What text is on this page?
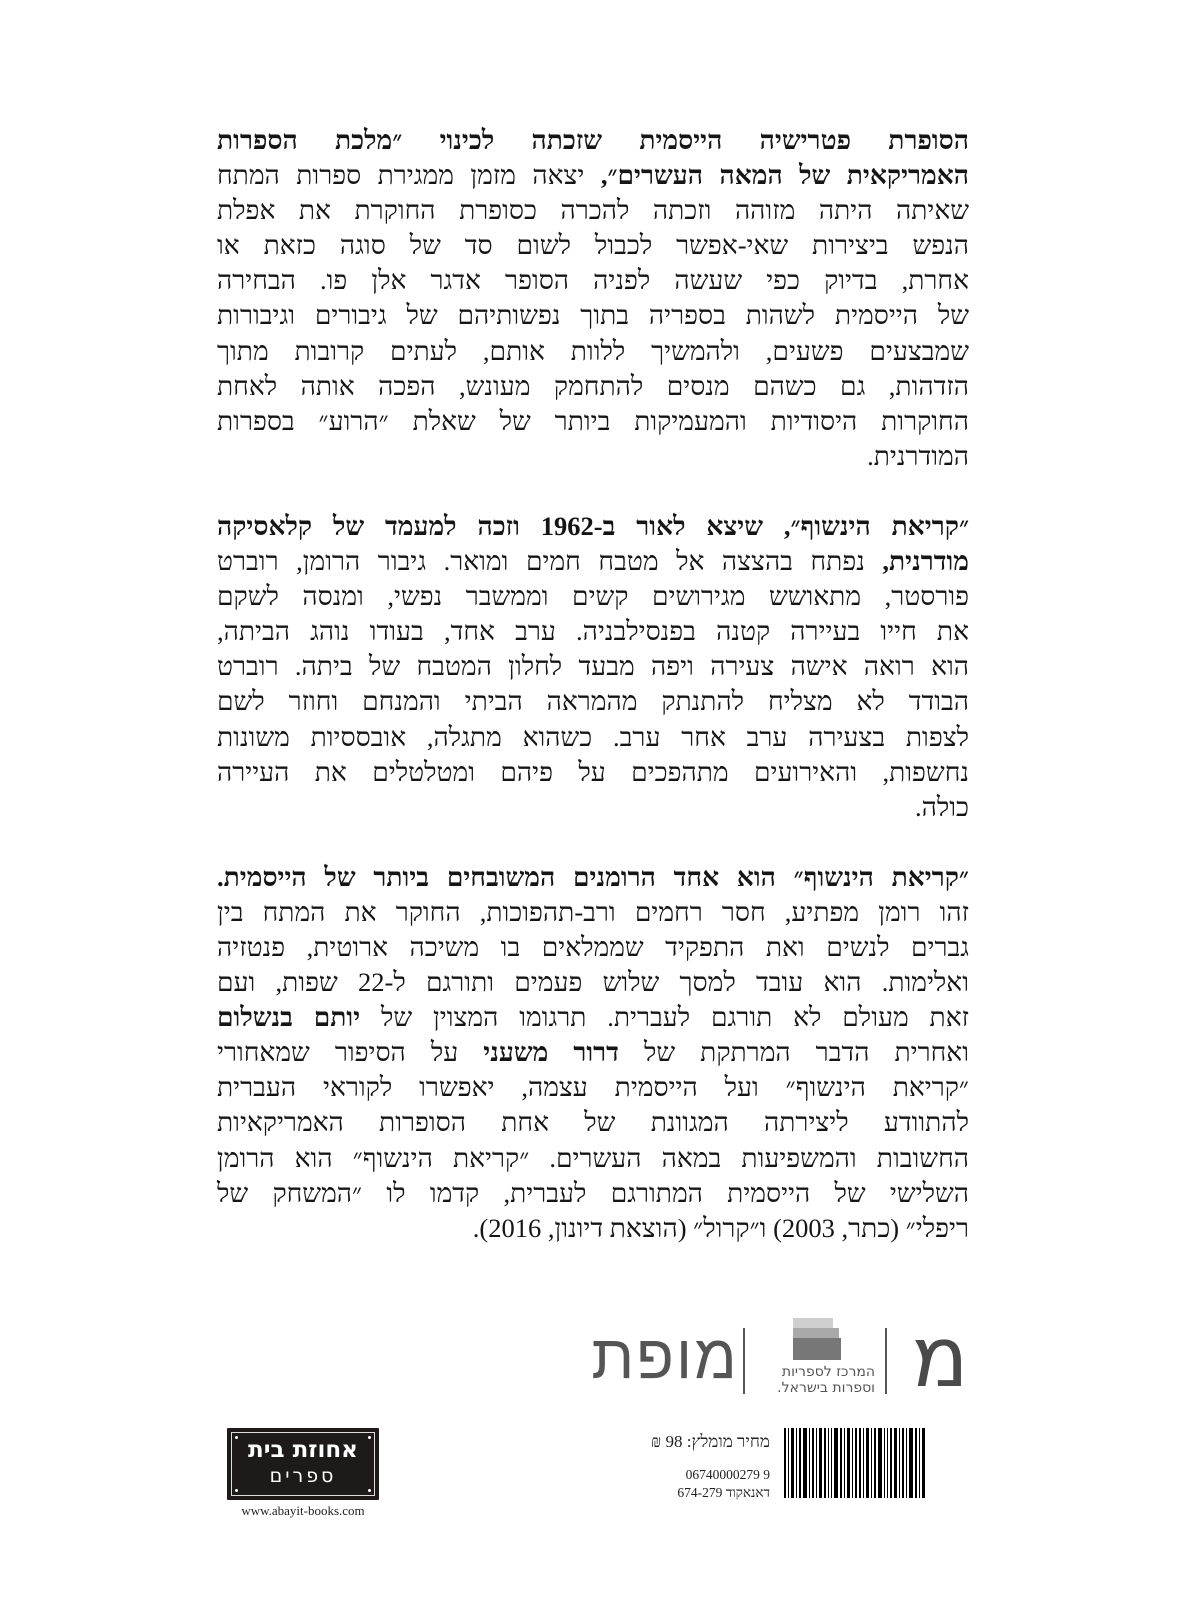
הסופרת פטרישיה הייסמית שזכתה לכינוי ״מלכת הספרות
האמריקאית של המאה העשרים״, יצאה מזמן ממגירת ספרות המתח
שאיתה היתה מזוהה וזכתה להכרה כסופרת החוקרת את אפלת
הנפש ביצירות שאי-אפשר לכבול לשום סד של סוגה כזאת או
אחרת, בדיוק כפי שעשה לפניה הסופר אדגר אלן פו. הבחירה
של הייסמית לשהות בספריה בתוך נפשותיהם של גיבורים וגיבורות
שמבצעים פשעים, ולהמשיך ללוות אותם, לעתים קרובות מתוך
הזדהות, גם כשהם מנסים להתחמק מעונש, הפכה אותה לאחת
החוקרות היסודיות והמעמיקות ביותר של שאלת ״הרוע״ בספרות
המודרנית.

״קריאת הינשוף״, שיצא לאור ב-1962 וזכה למעמד של קלאסיקה
מודרנית, נפתח בהצצה אל מטבח חמים ומואר. גיבור הרומן, רוברט
פורסטר, מתאושש מגירושים קשים וממשבר נפשי, ומנסה לשקם
את חייו בעיירה קטנה בפנסילבניה. ערב אחד, בעודו נוהג הביתה,
הוא רואה אישה צעירה ויפה מבעד לחלון המטבח של ביתה. רוברט
הבודד לא מצליח להתנתק מהמראה הביתי והמנחם וחוזר לשם
לצפות בצעירה ערב אחר ערב. כשהוא מתגלה, אובססיות משונות
נחשפות, והאירועים מתהפכים על פיהם ומטלטלים את העיירה
כולה.

״קריאת הינשוף״ הוא אחד הרומנים המשובחים ביותר של הייסמית.
זהו רומן מפתיע, חסר רחמים ורב-תהפוכות, החוקר את המתח בין
גברים לנשים ואת התפקיד שממלאים בו משיכה ארוטית, פנטזיה
ואלימות. הוא עובד למסך שלוש פעמים ותורגם ל-22 שפות, ועם
זאת מעולם לא תורגם לעברית. תרגומו המצוין של יותם בנשלום
ואחרית הדבר המרתקת של דרור משעני על הסיפור שמאחורי
״קריאת הינשוף״ ועל הייסמית עצמה, יאפשרו לקוראי העברית
להתוודע ליצירתה המגוונת של אחת הסופרות האמריקאיות
החשובות והמשפיעות במאה העשרים. ״קריאת הינשוף״ הוא הרומן
השלישי של הייסמית המתורגם לעברית, קדמו לו ״המשחק של
ריפלי״ (כתר, 2003) ו״קרול״ (הוצאת דיונון, 2016).

מ
המרכז לספריות
וספרות בישראל.
מופת
מחיר מומלץ: 98 ₪
06740000279 9
דאנאקוד 674-279
אחוזת בית
ספרים
www.abayit-books.com
